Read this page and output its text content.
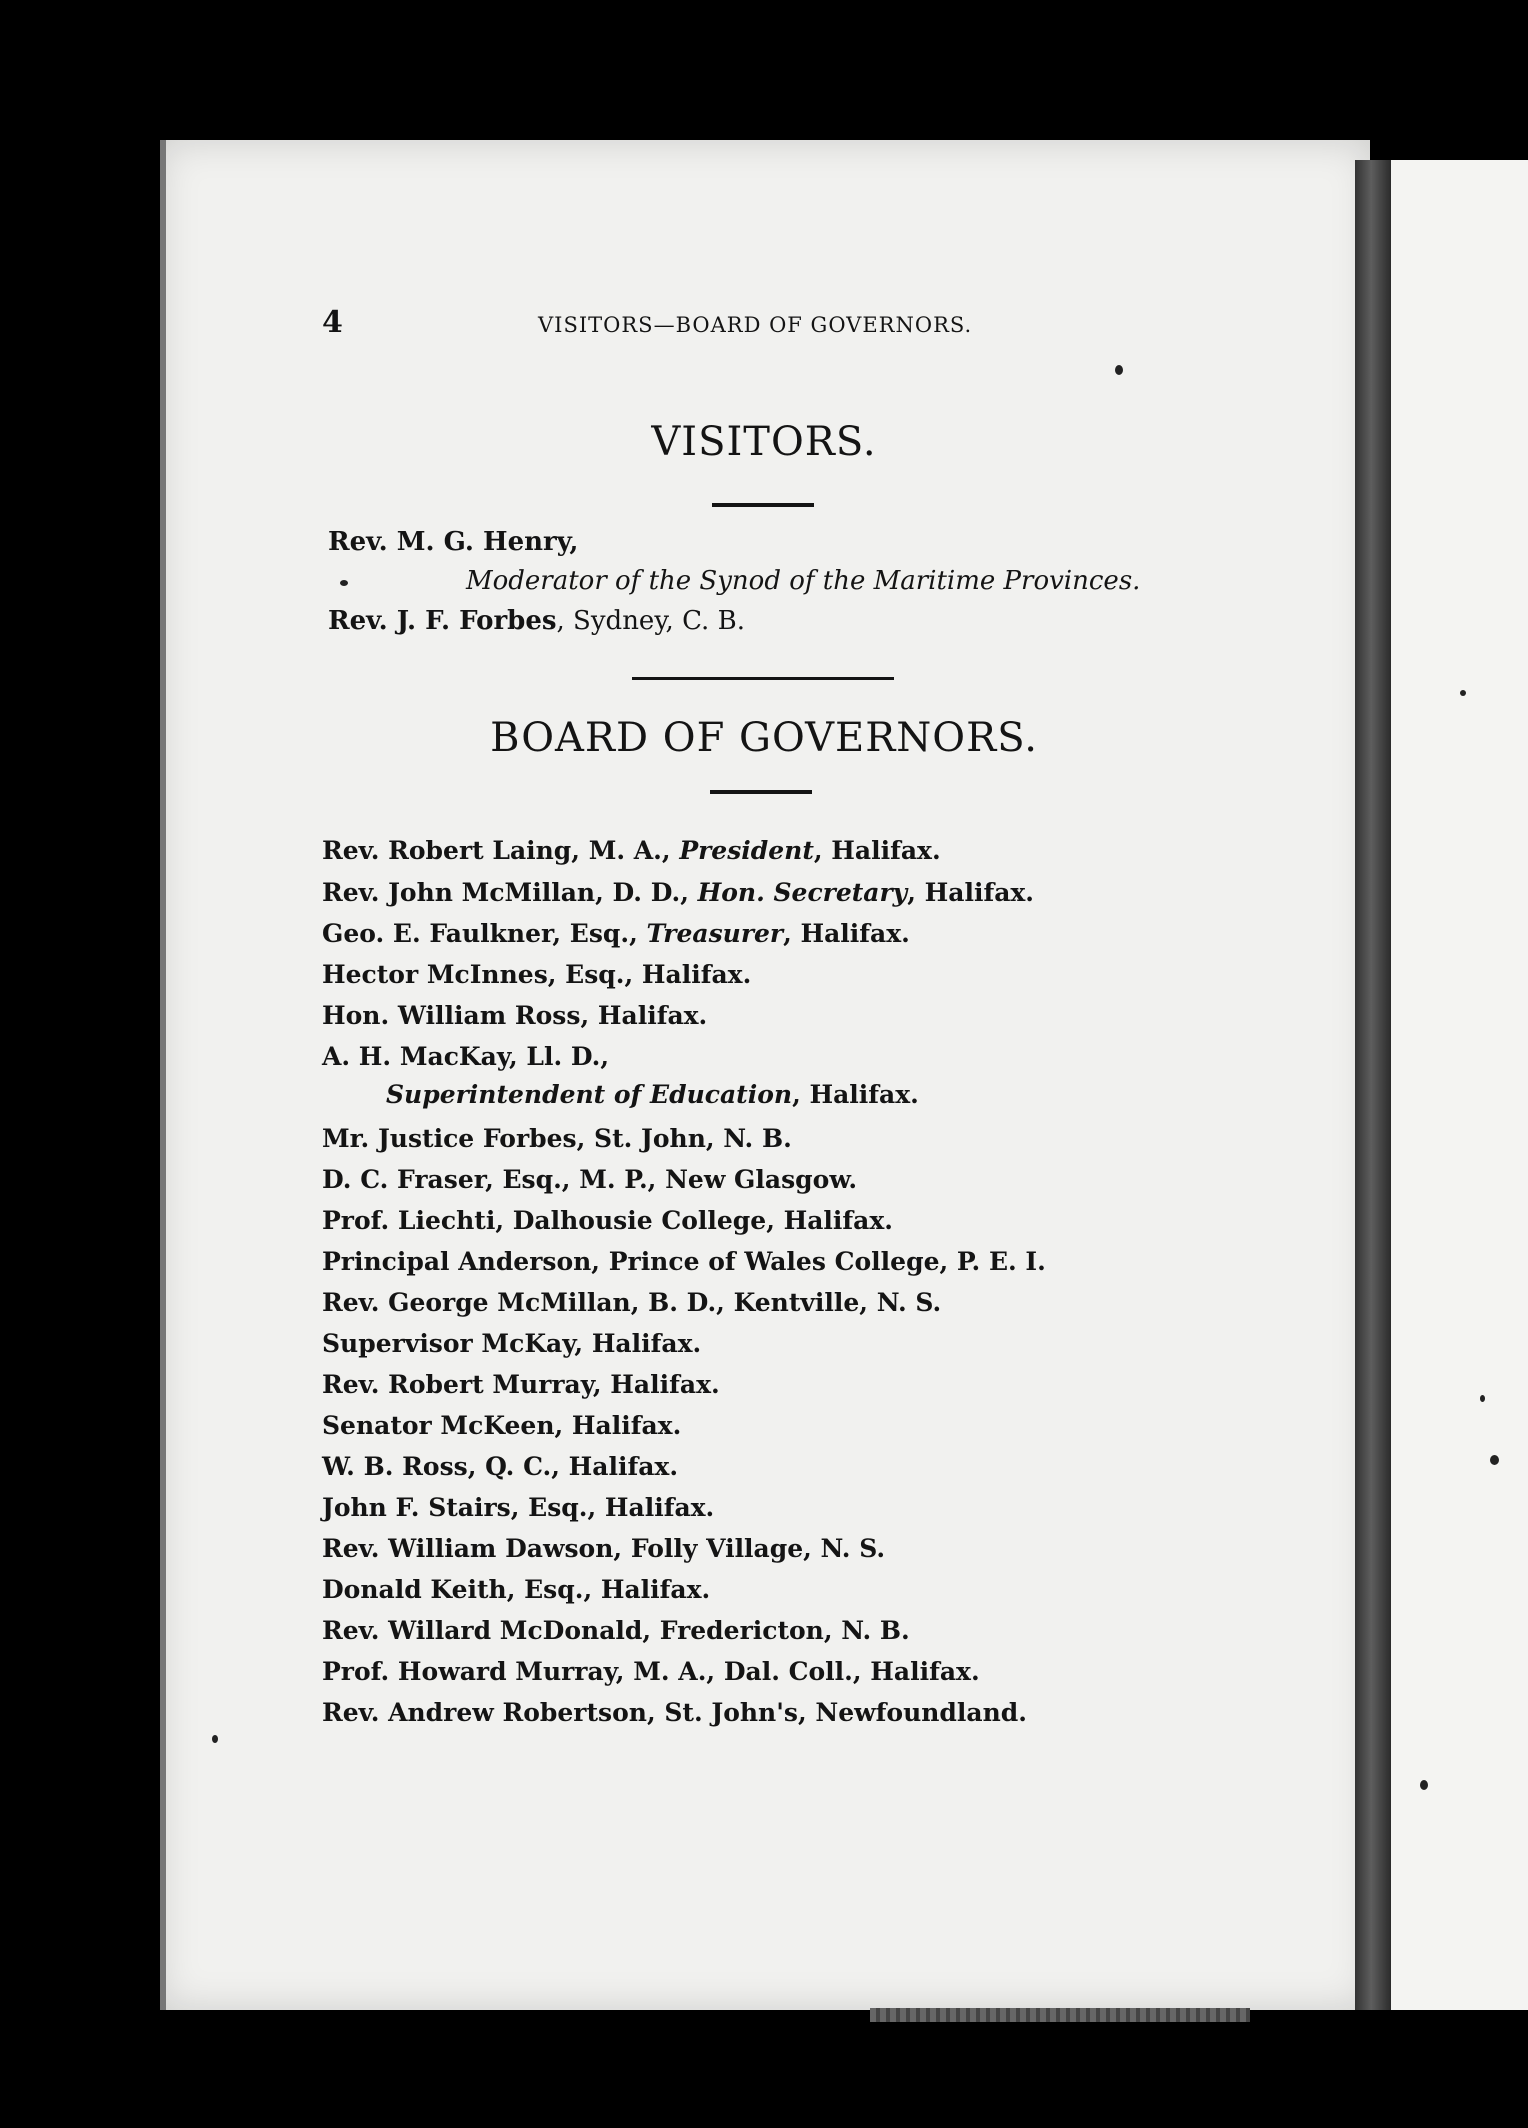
4	VISITORS—BOARD OF GOVERNORS.
VISITORS.
Rev. M. G. Henry,
Moderator of the Synod of the Maritime Provinces.
Rev. J. F. Forbes, Sydney, C. B.
BOARD OF GOVERNORS.
Rev. Robert Laing, M. A., President, Halifax.
Rev. John McMillan, D. D., Hon. Secretary, Halifax.
Geo. E. Faulkner, Esq., Treasurer, Halifax.
Hector McInnes, Esq., Halifax.
Hon. William Ross, Halifax.
A. H. MacKay, Ll. D.,
Superintendent of Education, Halifax.
Mr. Justice Forbes, St. John, N. B.
D. C. Fraser, Esq., M. P., New Glasgow.
Prof. Liechti, Dalhousie College, Halifax.
Principal Anderson, Prince of Wales College, P. E. I.
Rev. George McMillan, B. D., Kentville, N. S.
Supervisor McKay, Halifax.
Rev. Robert Murray, Halifax.
Senator McKeen, Halifax.
W. B. Ross, Q. C., Halifax.
John F. Stairs, Esq., Halifax.
Rev. William Dawson, Folly Village, N. S.
Donald Keith, Esq., Halifax.
Rev. Willard McDonald, Fredericton, N. B.
Prof. Howard Murray, M. A., Dal. Coll., Halifax.
Rev. Andrew Robertson, St. John's, Newfoundland.
